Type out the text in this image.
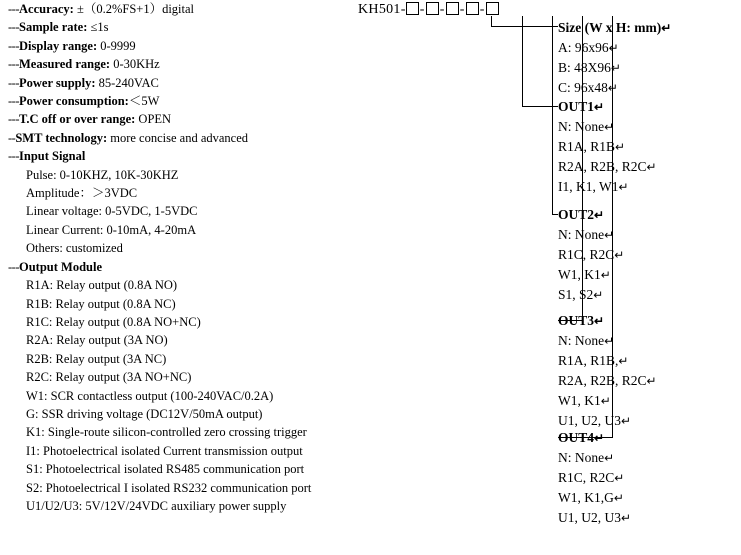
---Accuracy: ±（0.2%FS+1）digital
---Sample rate: ≤1s
---Display range: 0-9999
---Measured range: 0-30KHz
---Power supply: 85-240VAC
---Power consumption:＜5W
---T.C off or over range: OPEN
--SMT technology: more concise and advanced
---Input Signal
Pulse: 0-10KHZ, 10K-30KHZ
Amplitude：＞3VDC
Linear voltage: 0-5VDC, 1-5VDC
Linear Current: 0-10mA, 4-20mA
Others: customized
---Output Module
R1A: Relay output (0.8A NO)
R1B: Relay output (0.8A NC)
R1C: Relay output (0.8A NO+NC)
R2A: Relay output (3A NO)
R2B: Relay output (3A NC)
R2C: Relay output (3A NO+NC)
W1: SCR contactless output (100-240VAC/0.2A)
G: SSR driving voltage (DC12V/50mA output)
K1: Single-route silicon-controlled zero crossing trigger
I1: Photoelectrical isolated Current transmission output
S1: Photoelectrical isolated RS485 communication port
S2: Photoelectrical I isolated RS232 communication port
U1/U2/U3: 5V/12V/24VDC auxiliary power supply
KH501- - - - -
Size (W x H: mm)↵
A: 96x96↵
B: 48X96↵
C: 96x48↵
OUT1↵
N: None↵
R1A, R1B↵
R2A, R2B, R2C↵
I1, K1, W1↵
OUT2↵
N: None↵
R1C, R2C↵
W1, K1↵
S1, S2↵
OUT3↵
N: None↵
R1A, R1B,↵
R2A, R2B, R2C↵
W1, K1↵
U1, U2, U3↵
OUT4↵
N: None↵
R1C, R2C↵
W1, K1,G↵
U1, U2, U3↵
